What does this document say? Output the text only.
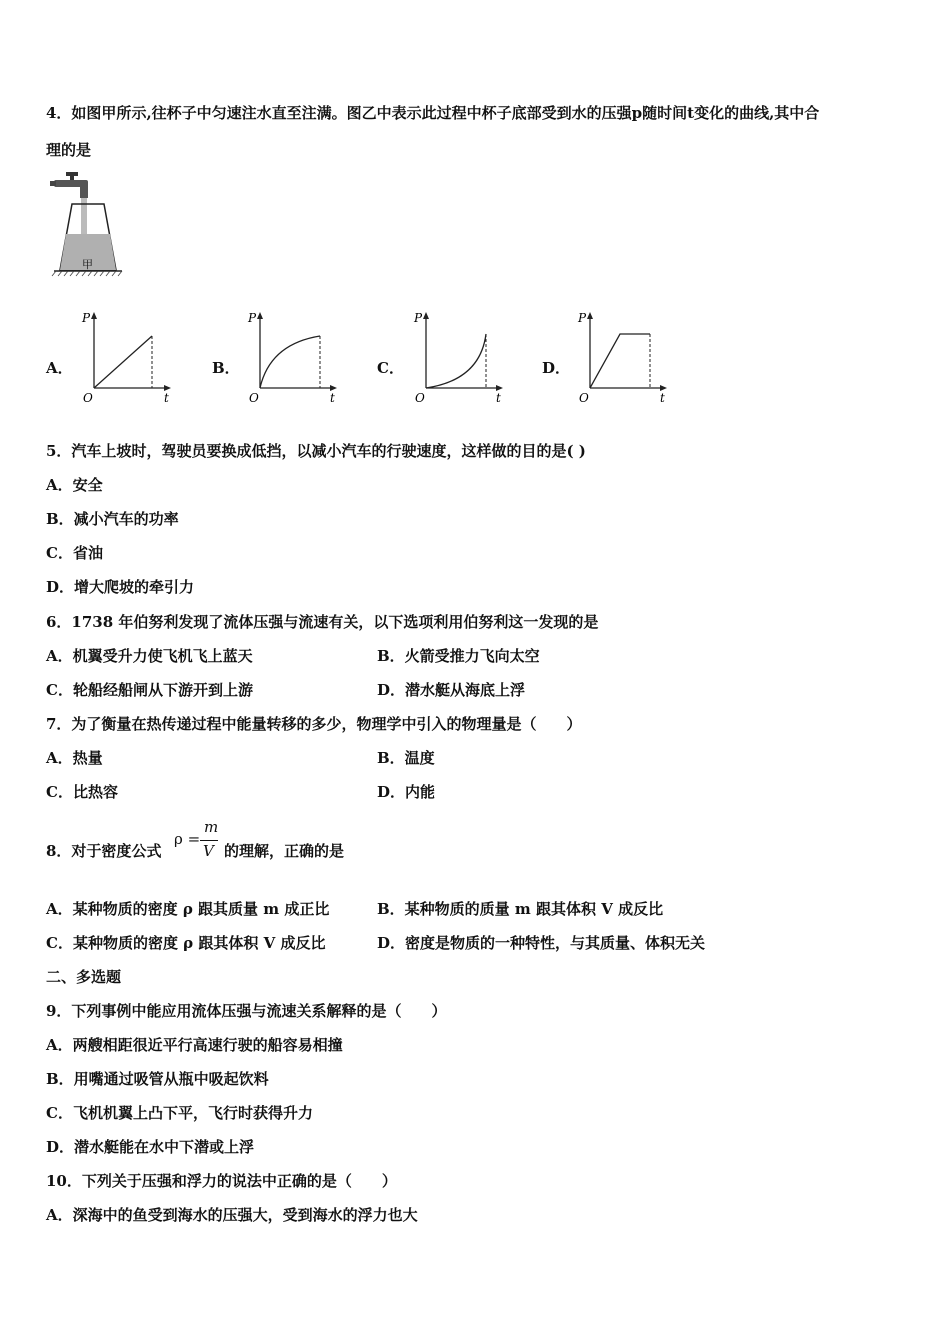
4．如图甲所示,往杯子中匀速注水直至注满。图乙中表示此过程中杯子底部受到水的压强p随时间t变化的曲线,其中合
理的是
甲
A．
P
O	t
B．
P
O	t
C．
P
O	t
D．
P
O	t
5．汽车上坡时，驾驶员要换成低挡，以减小汽车的行驶速度，这样做的目的是( )
A．安全
B．减小汽车的功率
C．省油
D．增大爬坡的牵引力
6．1738 年伯努利发现了流体压强与流速有关，以下选项利用伯努利这一发现的是
A．机翼受升力使飞机飞上蓝天	B．火箭受推力飞向太空
C．轮船经船闸从下游开到上游	D．潜水艇从海底上浮
7．为了衡量在热传递过程中能量转移的多少，物理学中引入的物理量是（　　）
A．热量	B．温度
C．比热容	D．内能
8．对于密度公式
ρ =
m
V 的理解，正确的是
A．某种物质的密度 ρ 跟其质量 m 成正比	B．某种物质的质量 m 跟其体积 V 成反比
C．某种物质的密度 ρ 跟其体积 V 成反比	D．密度是物质的一种特性，与其质量、体积无关
二、多选题
9．下列事例中能应用流体压强与流速关系解释的是（　　）
A．两艘相距很近平行高速行驶的船容易相撞
B．用嘴通过吸管从瓶中吸起饮料
C．飞机机翼上凸下平，飞行时获得升力
D．潜水艇能在水中下潜或上浮
10．下列关于压强和浮力的说法中正确的是（　　）
A．深海中的鱼受到海水的压强大，受到海水的浮力也大
